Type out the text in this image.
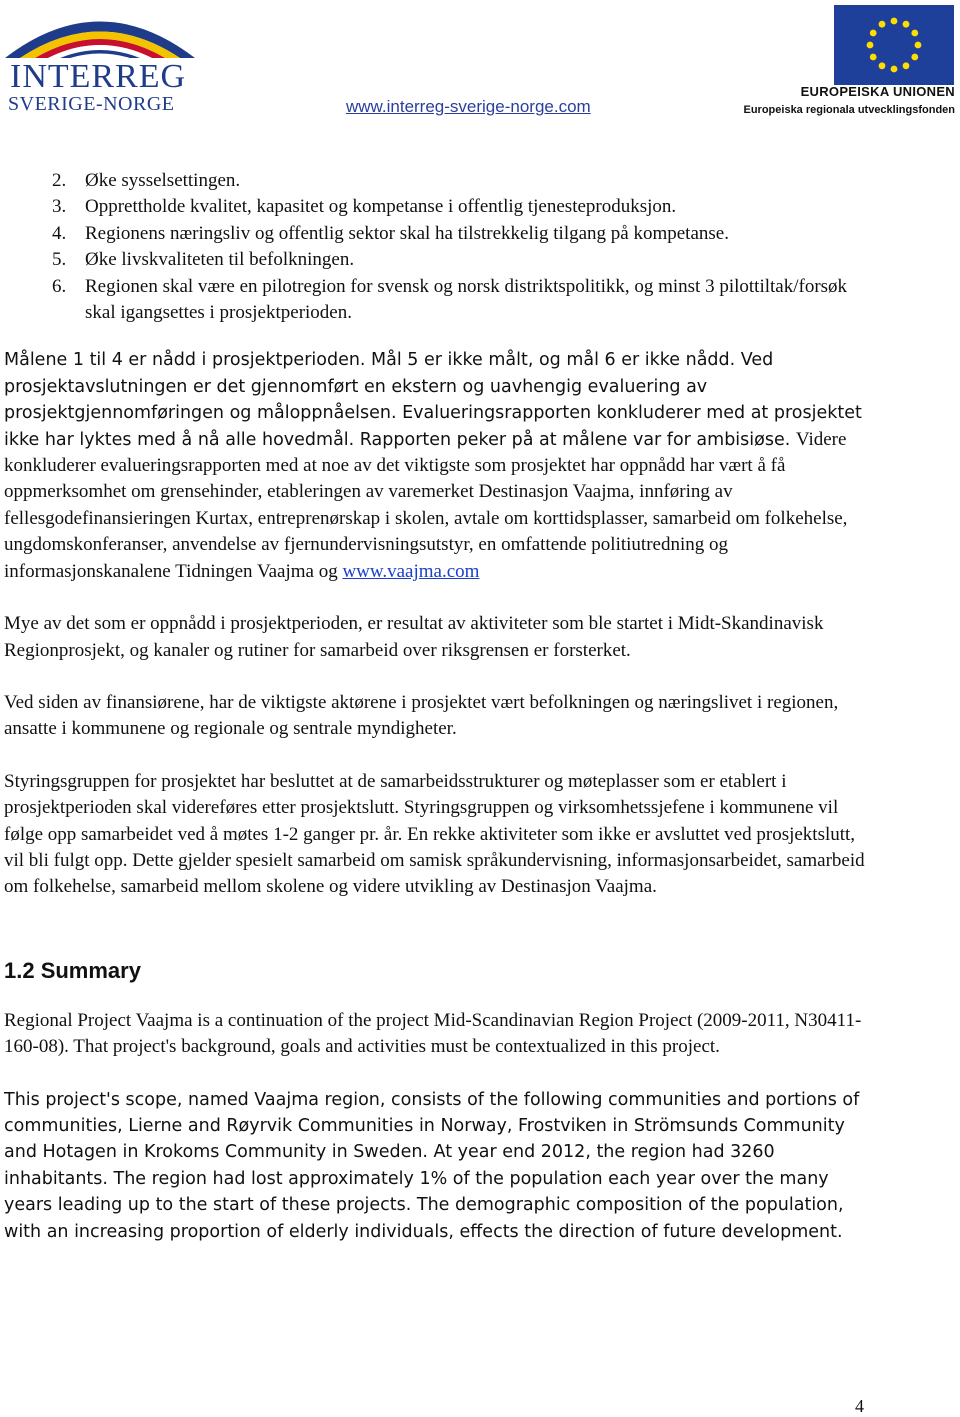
INTERREG
SVERIGE-NORGE	www.interreg-sverige-norge.com
EUROPEISKA UNIONEN
Europeiska regionala utvecklingsfonden
2. Øke sysselsettingen.
3. Opprettholde kvalitet, kapasitet og kompetanse i offentlig tjenesteproduksjon.
4. Regionens næringsliv og offentlig sektor skal ha tilstrekkelig tilgang på kompetanse.
5. Øke livskvaliteten til befolkningen.
6. Regionen skal være en pilotregion for svensk og norsk distriktspolitikk, og minst 3 pilottiltak/forsøk skal igangsettes i prosjektperioden.

Målene 1 til 4 er nådd i prosjektperioden. Mål 5 er ikke målt, og mål 6 er ikke nådd. Ved prosjektavslutningen er det gjennomført en ekstern og uavhengig evaluering av prosjektgjennomføringen og måloppnåelsen. Evalueringsrapporten konkluderer med at prosjektet ikke har lyktes med å nå alle hovedmål. Rapporten peker på at målene var for ambisiøse. Videre konkluderer evalueringsrapporten med at noe av det viktigste som prosjektet har oppnådd har vært å få oppmerksomhet om grensehinder, etableringen av varemerket Destinasjon Vaajma, innføring av fellesgodefinansieringen Kurtax, entreprenørskap i skolen, avtale om korttidsplasser, samarbeid om folkehelse, ungdomskonferanser, anvendelse av fjernundervisningsutstyr, en omfattende politiutredning og informasjonskanalene Tidningen Vaajma og www.vaajma.com

Mye av det som er oppnådd i prosjektperioden, er resultat av aktiviteter som ble startet i Midt-Skandinavisk Regionprosjekt, og kanaler og rutiner for samarbeid over riksgrensen er forsterket.

Ved siden av finansiørene, har de viktigste aktørene i prosjektet vært befolkningen og næringslivet i regionen, ansatte i kommunene og regionale og sentrale myndigheter.

Styringsgruppen for prosjektet har besluttet at de samarbeidsstrukturer og møteplasser som er etablert i prosjektperioden skal videreføres etter prosjektslutt. Styringsgruppen og virksomhetssjefene i kommunene vil følge opp samarbeidet ved å møtes 1-2 ganger pr. år. En rekke aktiviteter som ikke er avsluttet ved prosjektslutt, vil bli fulgt opp. Dette gjelder spesielt samarbeid om samisk språkundervisning, informasjonsarbeidet, samarbeid om folkehelse, samarbeid mellom skolene og videre utvikling av Destinasjon Vaajma.

1.2 Summary

Regional Project Vaajma is a continuation of the project Mid-Scandinavian Region Project (2009-2011, N30411-160-08). That project's background, goals and activities must be contextualized in this project.

This project's scope, named Vaajma region, consists of the following communities and portions of communities, Lierne and Røyrvik Communities in Norway, Frostviken in Strömsunds Community and Hotagen in Krokoms Community in Sweden. At year end 2012, the region had 3260 inhabitants. The region had lost approximately 1% of the population each year over the many years leading up to the start of these projects. The demographic composition of the population, with an increasing proportion of elderly individuals, effects the direction of future development.

4
